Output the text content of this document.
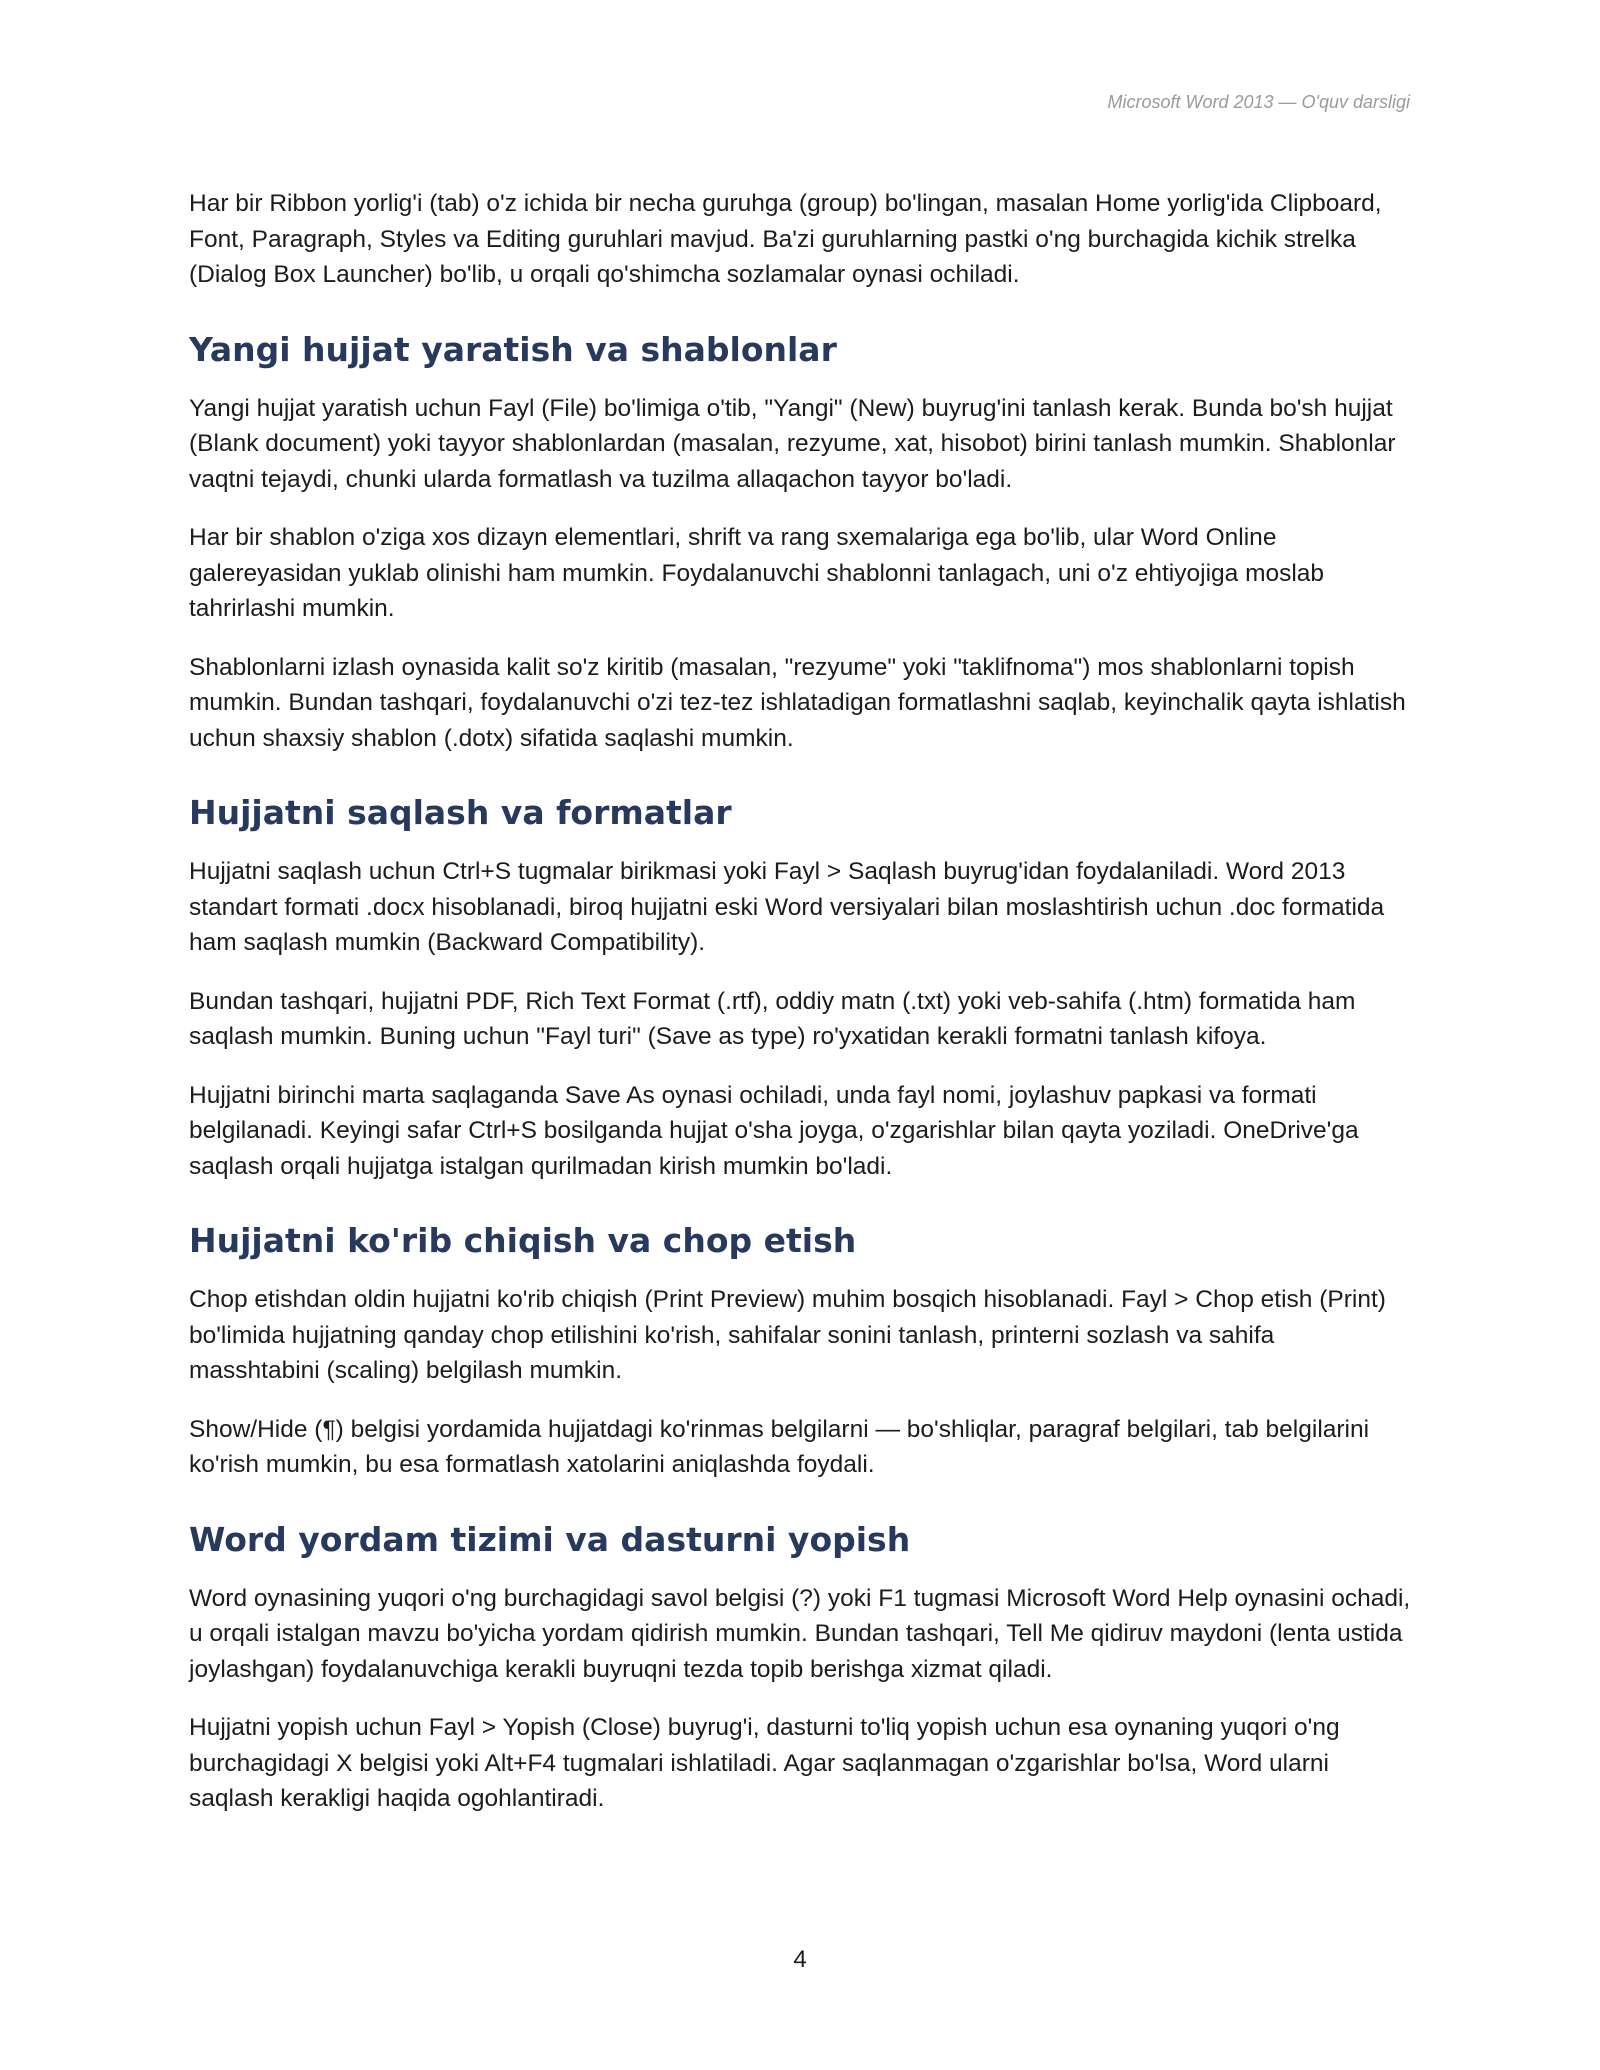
Microsoft Word 2013 — O'quv darsligi

Har bir Ribbon yorlig'i (tab) o'z ichida bir necha guruhga (group) bo'lingan, masalan Home yorlig'ida Clipboard, Font, Paragraph, Styles va Editing guruhlari mavjud. Ba'zi guruhlarning pastki o'ng burchagida kichik strelka (Dialog Box Launcher) bo'lib, u orqali qo'shimcha sozlamalar oynasi ochiladi.

Yangi hujjat yaratish va shablonlar

Yangi hujjat yaratish uchun Fayl (File) bo'limiga o'tib, "Yangi" (New) buyrug'ini tanlash kerak. Bunda bo'sh hujjat (Blank document) yoki tayyor shablonlardan (masalan, rezyume, xat, hisobot) birini tanlash mumkin. Shablonlar vaqtni tejaydi, chunki ularda formatlash va tuzilma allaqachon tayyor bo'ladi.

Har bir shablon o'ziga xos dizayn elementlari, shrift va rang sxemalariga ega bo'lib, ular Word Online galereyasidan yuklab olinishi ham mumkin. Foydalanuvchi shablonni tanlagach, uni o'z ehtiyojiga moslab tahrirlashi mumkin.

Shablonlarni izlash oynasida kalit so'z kiritib (masalan, "rezyume" yoki "taklifnoma") mos shablonlarni topish mumkin. Bundan tashqari, foydalanuvchi o'zi tez-tez ishlatadigan formatlashni saqlab, keyinchalik qayta ishlatish uchun shaxsiy shablon (.dotx) sifatida saqlashi mumkin.

Hujjatni saqlash va formatlar

Hujjatni saqlash uchun Ctrl+S tugmalar birikmasi yoki Fayl > Saqlash buyrug'idan foydalaniladi. Word 2013 standart formati .docx hisoblanadi, biroq hujjatni eski Word versiyalari bilan moslashtirish uchun .doc formatida ham saqlash mumkin (Backward Compatibility).

Bundan tashqari, hujjatni PDF, Rich Text Format (.rtf), oddiy matn (.txt) yoki veb-sahifa (.htm) formatida ham saqlash mumkin. Buning uchun "Fayl turi" (Save as type) ro'yxatidan kerakli formatni tanlash kifoya.

Hujjatni birinchi marta saqlaganda Save As oynasi ochiladi, unda fayl nomi, joylashuv papkasi va formati belgilanadi. Keyingi safar Ctrl+S bosilganda hujjat o'sha joyga, o'zgarishlar bilan qayta yoziladi. OneDrive'ga saqlash orqali hujjatga istalgan qurilmadan kirish mumkin bo'ladi.

Hujjatni ko'rib chiqish va chop etish

Chop etishdan oldin hujjatni ko'rib chiqish (Print Preview) muhim bosqich hisoblanadi. Fayl > Chop etish (Print) bo'limida hujjatning qanday chop etilishini ko'rish, sahifalar sonini tanlash, printerni sozlash va sahifa masshtabini (scaling) belgilash mumkin.

Show/Hide (¶) belgisi yordamida hujjatdagi ko'rinmas belgilarni — bo'shliqlar, paragraf belgilari, tab belgilarini ko'rish mumkin, bu esa formatlash xatolarini aniqlashda foydali.

Word yordam tizimi va dasturni yopish

Word oynasining yuqori o'ng burchagidagi savol belgisi (?) yoki F1 tugmasi Microsoft Word Help oynasini ochadi, u orqali istalgan mavzu bo'yicha yordam qidirish mumkin. Bundan tashqari, Tell Me qidiruv maydoni (lenta ustida joylashgan) foydalanuvchiga kerakli buyruqni tezda topib berishga xizmat qiladi.

Hujjatni yopish uchun Fayl > Yopish (Close) buyrug'i, dasturni to'liq yopish uchun esa oynaning yuqori o'ng burchagidagi X belgisi yoki Alt+F4 tugmalari ishlatiladi. Agar saqlanmagan o'zgarishlar bo'lsa, Word ularni saqlash kerakligi haqida ogohlantiradi.

4
